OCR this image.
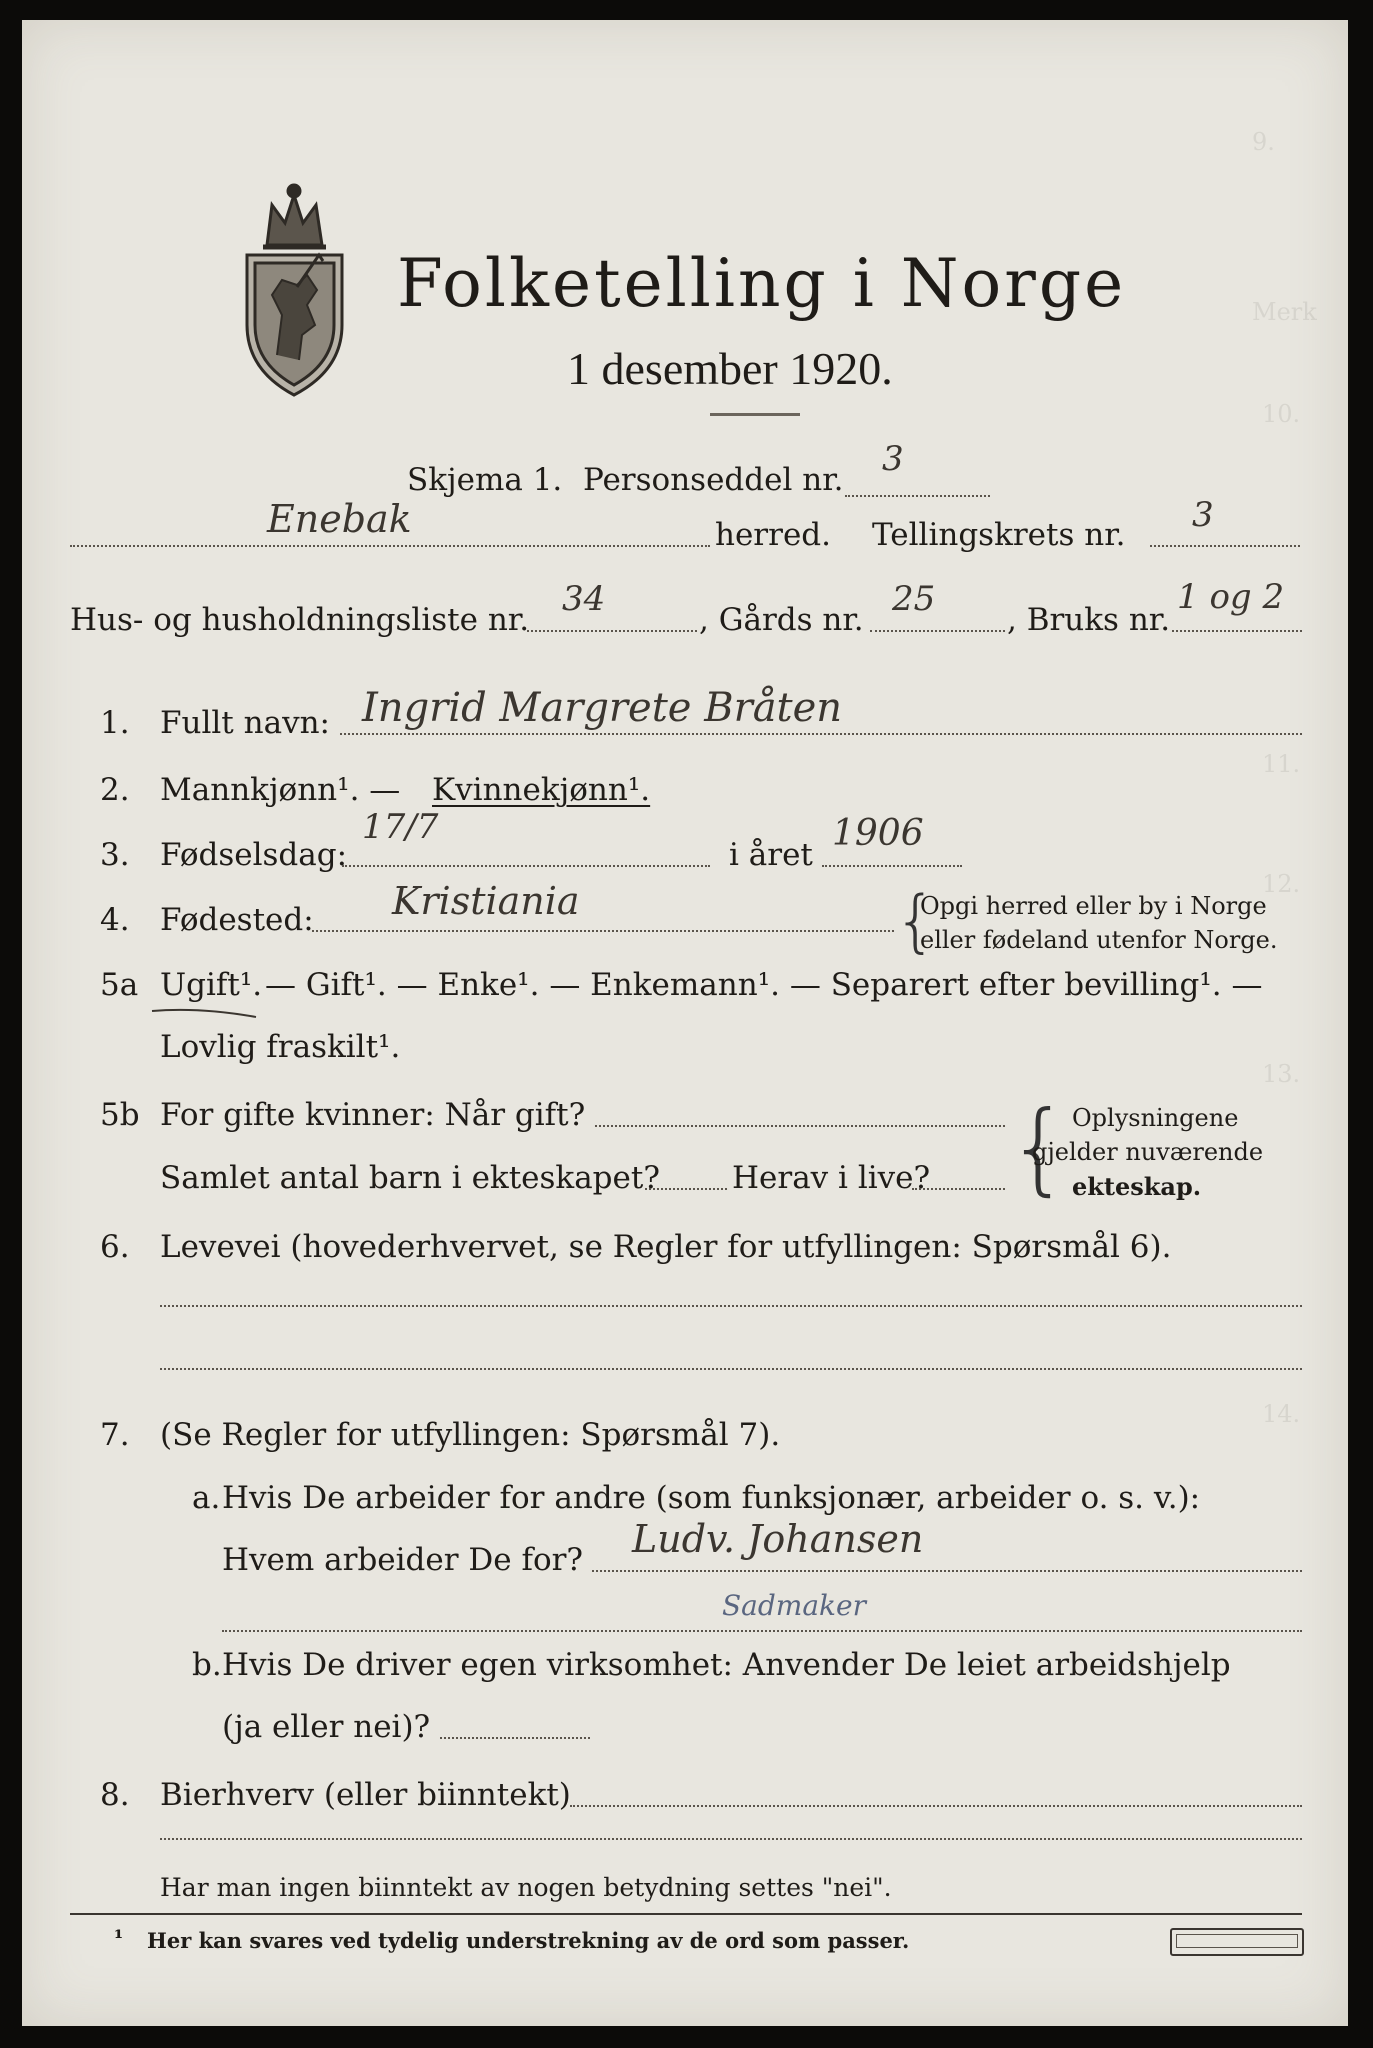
9.
Merk
10.
11.
12.
13.
14.
Folketelling i Norge
1 desember 1920.
Skjema 1. Personseddel nr.
3
Enebak	herred. Tellingskrets nr. 3
Hus- og husholdningsliste nr.
34
, Gårds nr.
25
, Bruks nr.
1 og 2
1. Fullt navn: Ingrid Margrete Bråten
2. Mannkjønn¹. — Kvinnekjønn¹.
3. Fødselsdag:
17/7
i året
1906
4. Fødested: Kristiania	{
Opgi herred eller by i Norge
eller fødeland utenfor Norge.
5a Ugift¹. — Gift¹. — Enke¹. — Enkemann¹. — Separert efter bevilling¹. —
Lovlig fraskilt¹.
5b For gifte kvinner: Når gift?
Samlet antal barn i ekteskapet? Herav i live? { Oplysningene
gjelder nuværende
ekteskap.
6. Levevei (hovederhvervet, se Regler for utfyllingen: Spørsmål 6).
7. (Se Regler for utfyllingen: Spørsmål 7).
a. Hvis De arbeider for andre (som funksjonær, arbeider o. s. v.):
Hvem arbeider De for? Ludv. Johansen
Sadmaker
b. Hvis De driver egen virksomhet: Anvender De leiet arbeidshjelp
(ja eller nei)?
8. Bierhverv (eller biinntekt)
Har man ingen biinntekt av nogen betydning settes "nei".
¹ Her kan svares ved tydelig understrekning av de ord som passer.
